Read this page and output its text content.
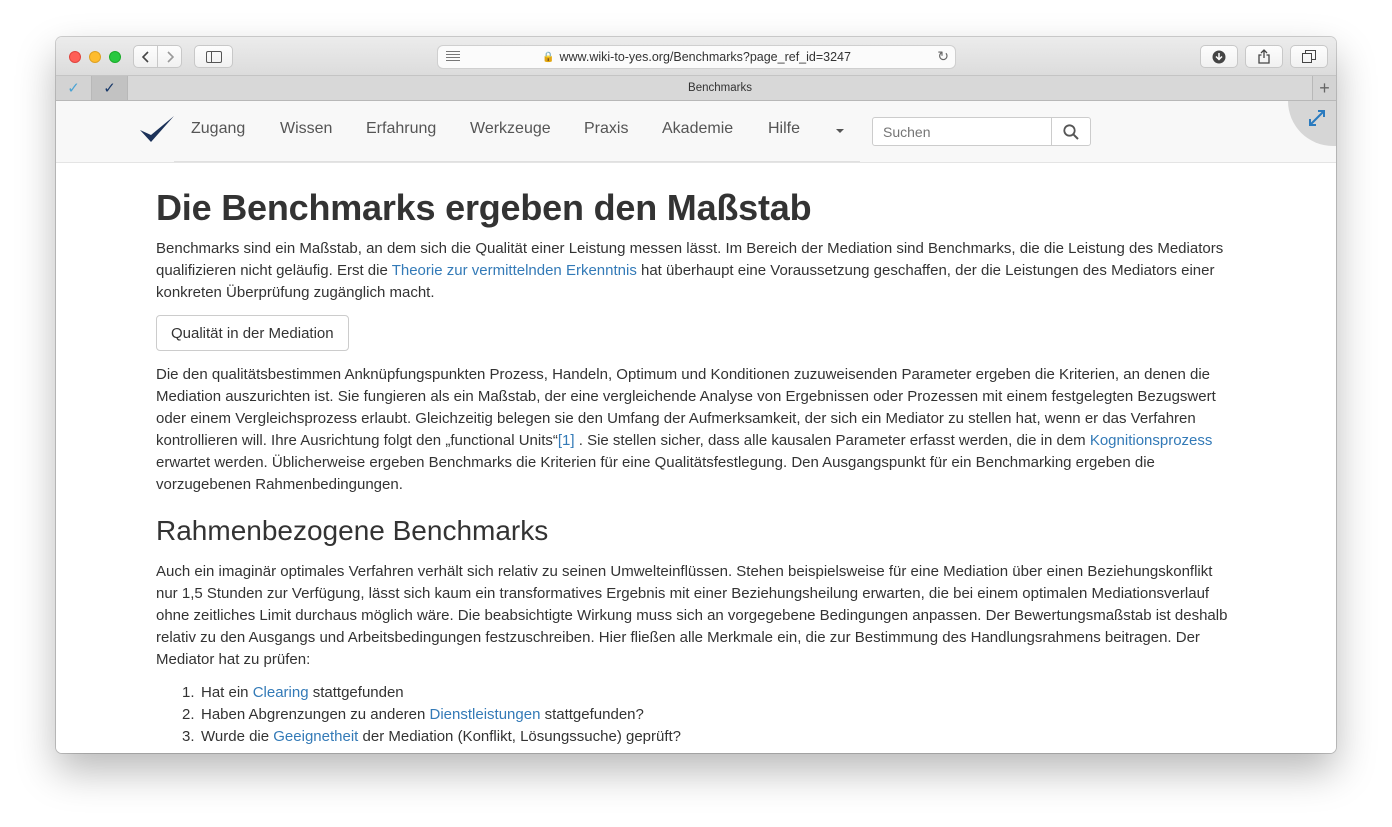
🔒 www.wiki-to-yes.org/Benchmarks?page_ref_id=3247	↻
✓ ✓	Benchmarks	+
Zugang Wissen Erfahrung Werkzeuge Praxis Akademie Hilfe
Suchen
Die Benchmarks ergeben den Maßstab

Benchmarks sind ein Maßstab, an dem sich die Qualität einer Leistung messen lässt. Im Bereich der Mediation sind Benchmarks, die die Leistung des Mediators qualifizieren nicht geläufig. Erst die Theorie zur vermittelnden Erkenntnis hat überhaupt eine Voraussetzung geschaffen, der die Leistungen des Mediators einer konkreten Überprüfung zugänglich macht.

Qualität in der Mediation

Die den qualitätsbestimmen Anknüpfungspunkten Prozess, Handeln, Optimum und Konditionen zuzuweisenden Parameter ergeben die Kriterien, an denen die Mediation auszurichten ist. Sie fungieren als ein Maßstab, der eine vergleichende Analyse von Ergebnissen oder Prozessen mit einem festgelegten Bezugswert oder einem Vergleichsprozess erlaubt. Gleichzeitig belegen sie den Umfang der Aufmerksamkeit, der sich ein Mediator zu stellen hat, wenn er das Verfahren kontrollieren will. Ihre Ausrichtung folgt den „functional Units“[1] . Sie stellen sicher, dass alle kausalen Parameter erfasst werden, die in dem Kognitionsprozess erwartet werden. Üblicherweise ergeben Benchmarks die Kriterien für eine Qualitätsfestlegung. Den Ausgangspunkt für ein Benchmarking ergeben die vorzugebenen Rahmenbedingungen.

Rahmenbezogene Benchmarks

Auch ein imaginär optimales Verfahren verhält sich relativ zu seinen Umwelteinflüssen. Stehen beispielsweise für eine Mediation über einen Beziehungskonflikt nur 1,5 Stunden zur Verfügung, lässt sich kaum ein transformatives Ergebnis mit einer Beziehungsheilung erwarten, die bei einem optimalen Mediationsverlauf ohne zeitliches Limit durchaus möglich wäre. Die beabsichtigte Wirkung muss sich an vorgegebene Bedingungen anpassen. Der Bewertungsmaßstab ist deshalb relativ zu den Ausgangs und Arbeitsbedingungen festzuschreiben. Hier fließen alle Merkmale ein, die zur Bestimmung des Handlungsrahmens beitragen. Der Mediator hat zu prüfen:

1. Hat ein Clearing stattgefunden
2. Haben Abgrenzungen zu anderen Dienstleistungen stattgefunden?
3. Wurde die Geeignetheit der Mediation (Konflikt, Lösungssuche) geprüft?
